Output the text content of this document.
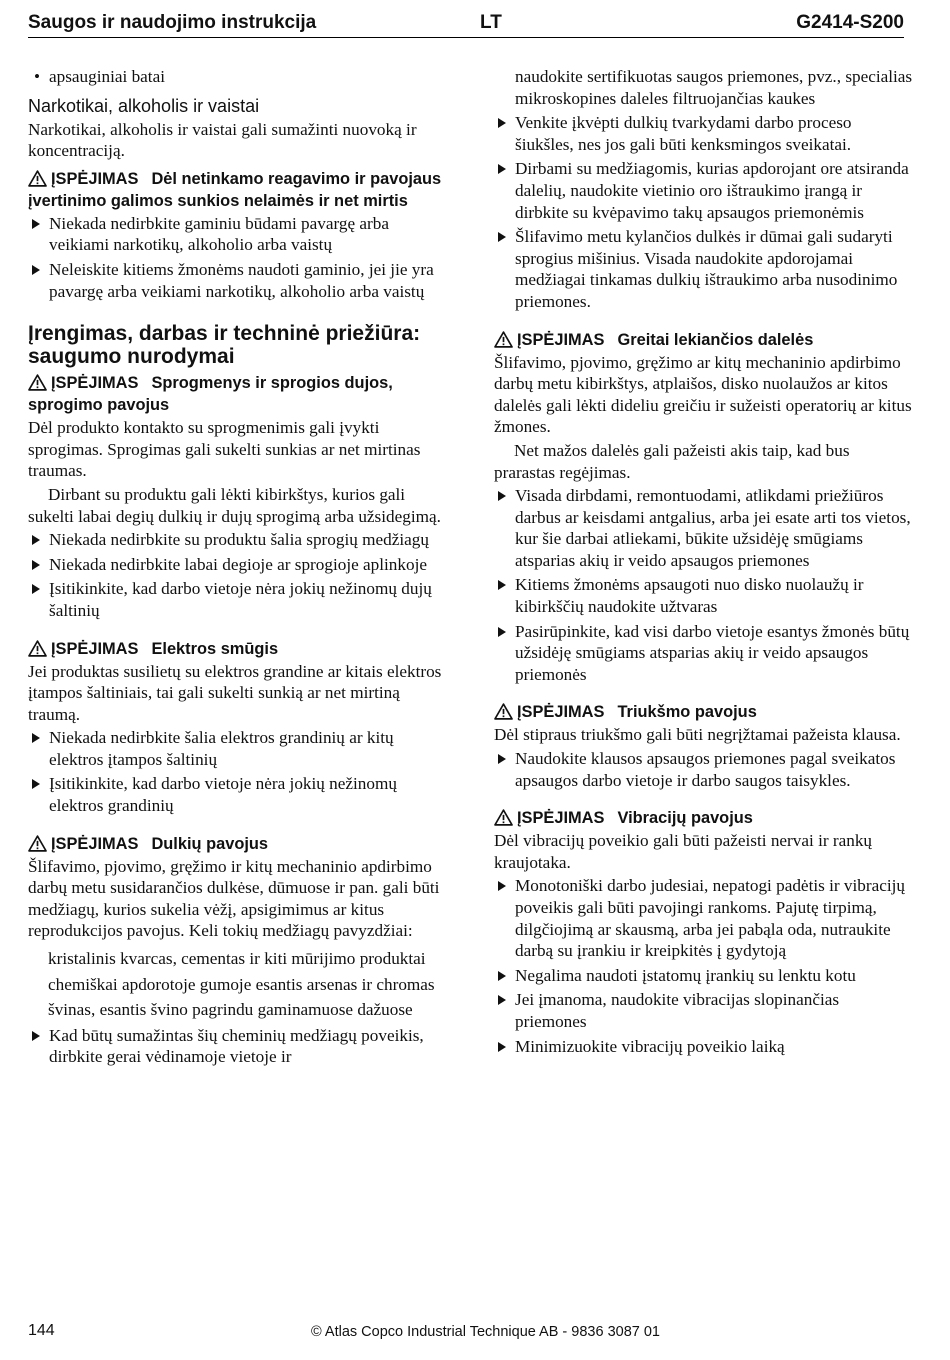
Saugos ir naudojimo instrukcija	LT	G2414-S200
• apsauginiai batai
Narkotikai, alkoholis ir vaistai
Narkotikai, alkoholis ir vaistai gali sumažinti nuovoką ir koncentraciją.
ĮSPĖJIMAS Dėl netinkamo reagavimo ir pavojaus įvertinimo galimos sunkios nelaimės ir net mirtis
Niekada nedirbkite gaminiu būdami pavargę arba veikiami narkotikų, alkoholio arba vaistų
Neleiskite kitiems žmonėms naudoti gaminio, jei jie yra pavargę arba veikiami narkotikų, alkoholio arba vaistų
Įrengimas, darbas ir techninė priežiūra: saugumo nurodymai
ĮSPĖJIMAS Sprogmenys ir sprogios dujos, sprogimo pavojus
Dėl produkto kontakto su sprogmenimis gali įvykti sprogimas. Sprogimas gali sukelti sunkias ar net mirtinas traumas.
Dirbant su produktu gali lėkti kibirkštys, kurios gali sukelti labai degių dulkių ir dujų sprogimą arba užsidegimą.
Niekada nedirbkite su produktu šalia sprogių medžiagų
Niekada nedirbkite labai degioje ar sprogioje aplinkoje
Įsitikinkite, kad darbo vietoje nėra jokių nežinomų dujų šaltinių
ĮSPĖJIMAS Elektros smūgis
Jei produktas susilietų su elektros grandine ar kitais elektros įtampos šaltiniais, tai gali sukelti sunkią ar net mirtiną traumą.
Niekada nedirbkite šalia elektros grandinių ar kitų elektros įtampos šaltinių
Įsitikinkite, kad darbo vietoje nėra jokių nežinomų elektros grandinių
ĮSPĖJIMAS Dulkių pavojus
Šlifavimo, pjovimo, gręžimo ir kitų mechaninio apdirbimo darbų metu susidarančios dulkėse, dūmuose ir pan. gali būti medžiagų, kurios sukelia vėžį, apsigimimus ar kitus reprodukcijos pavojus. Keli tokių medžiagų pavyzdžiai:
kristalinis kvarcas, cementas ir kiti mūrijimo produktai
chemiškai apdorotoje gumoje esantis arsenas ir chromas
švinas, esantis švino pagrindu gaminamuose dažuose
Kad būtų sumažintas šių cheminių medžiagų poveikis, dirbkite gerai vėdinamoje vietoje ir
naudokite sertifikuotas saugos priemones, pvz., specialias mikroskopines daleles filtruojančias kaukes
Venkite įkvėpti dulkių tvarkydami darbo proceso šiukšles, nes jos gali būti kenksmingos sveikatai.
Dirbami su medžiagomis, kurias apdorojant ore atsiranda dalelių, naudokite vietinio oro ištraukimo įrangą ir dirbkite su kvėpavimo takų apsaugos priemonėmis
Šlifavimo metu kylančios dulkės ir dūmai gali sudaryti sprogius mišinius. Visada naudokite apdorojamai medžiagai tinkamas dulkių ištraukimo arba nusodinimo priemones.
ĮSPĖJIMAS Greitai lekiančios dalelės
Šlifavimo, pjovimo, gręžimo ar kitų mechaninio apdirbimo darbų metu kibirkštys, atplaišos, disko nuolaužos ar kitos dalelės gali lėkti dideliu greičiu ir sužeisti operatorių ar kitus žmones.
Net mažos dalelės gali pažeisti akis taip, kad bus prarastas regėjimas.
Visada dirbdami, remontuodami, atlikdami priežiūros darbus ar keisdami antgalius, arba jei esate arti tos vietos, kur šie darbai atliekami, būkite užsidėję smūgiams atsparias akių ir veido apsaugos priemones
Kitiems žmonėms apsaugoti nuo disko nuolaužų ir kibirkščių naudokite užtvaras
Pasirūpinkite, kad visi darbo vietoje esantys žmonės būtų užsidėję smūgiams atsparias akių ir veido apsaugos priemonės
ĮSPĖJIMAS Triukšmo pavojus
Dėl stipraus triukšmo gali būti negrįžtamai pažeista klausa.
Naudokite klausos apsaugos priemones pagal sveikatos apsaugos darbo vietoje ir darbo saugos taisykles.
ĮSPĖJIMAS Vibracijų pavojus
Dėl vibracijų poveikio gali būti pažeisti nervai ir rankų kraujotaka.
Monotoniški darbo judesiai, nepatogi padėtis ir vibracijų poveikis gali būti pavojingi rankoms. Pajutę tirpimą, dilgčiojimą ar skausmą, arba jei pabąla oda, nutraukite darbą su įrankiu ir kreipkitės į gydytoją
Negalima naudoti įstatomų įrankių su lenktu kotu
Jei įmanoma, naudokite vibracijas slopinančias priemones
Minimizuokite vibracijų poveikio laiką
144	© Atlas Copco Industrial Technique AB - 9836 3087 01
